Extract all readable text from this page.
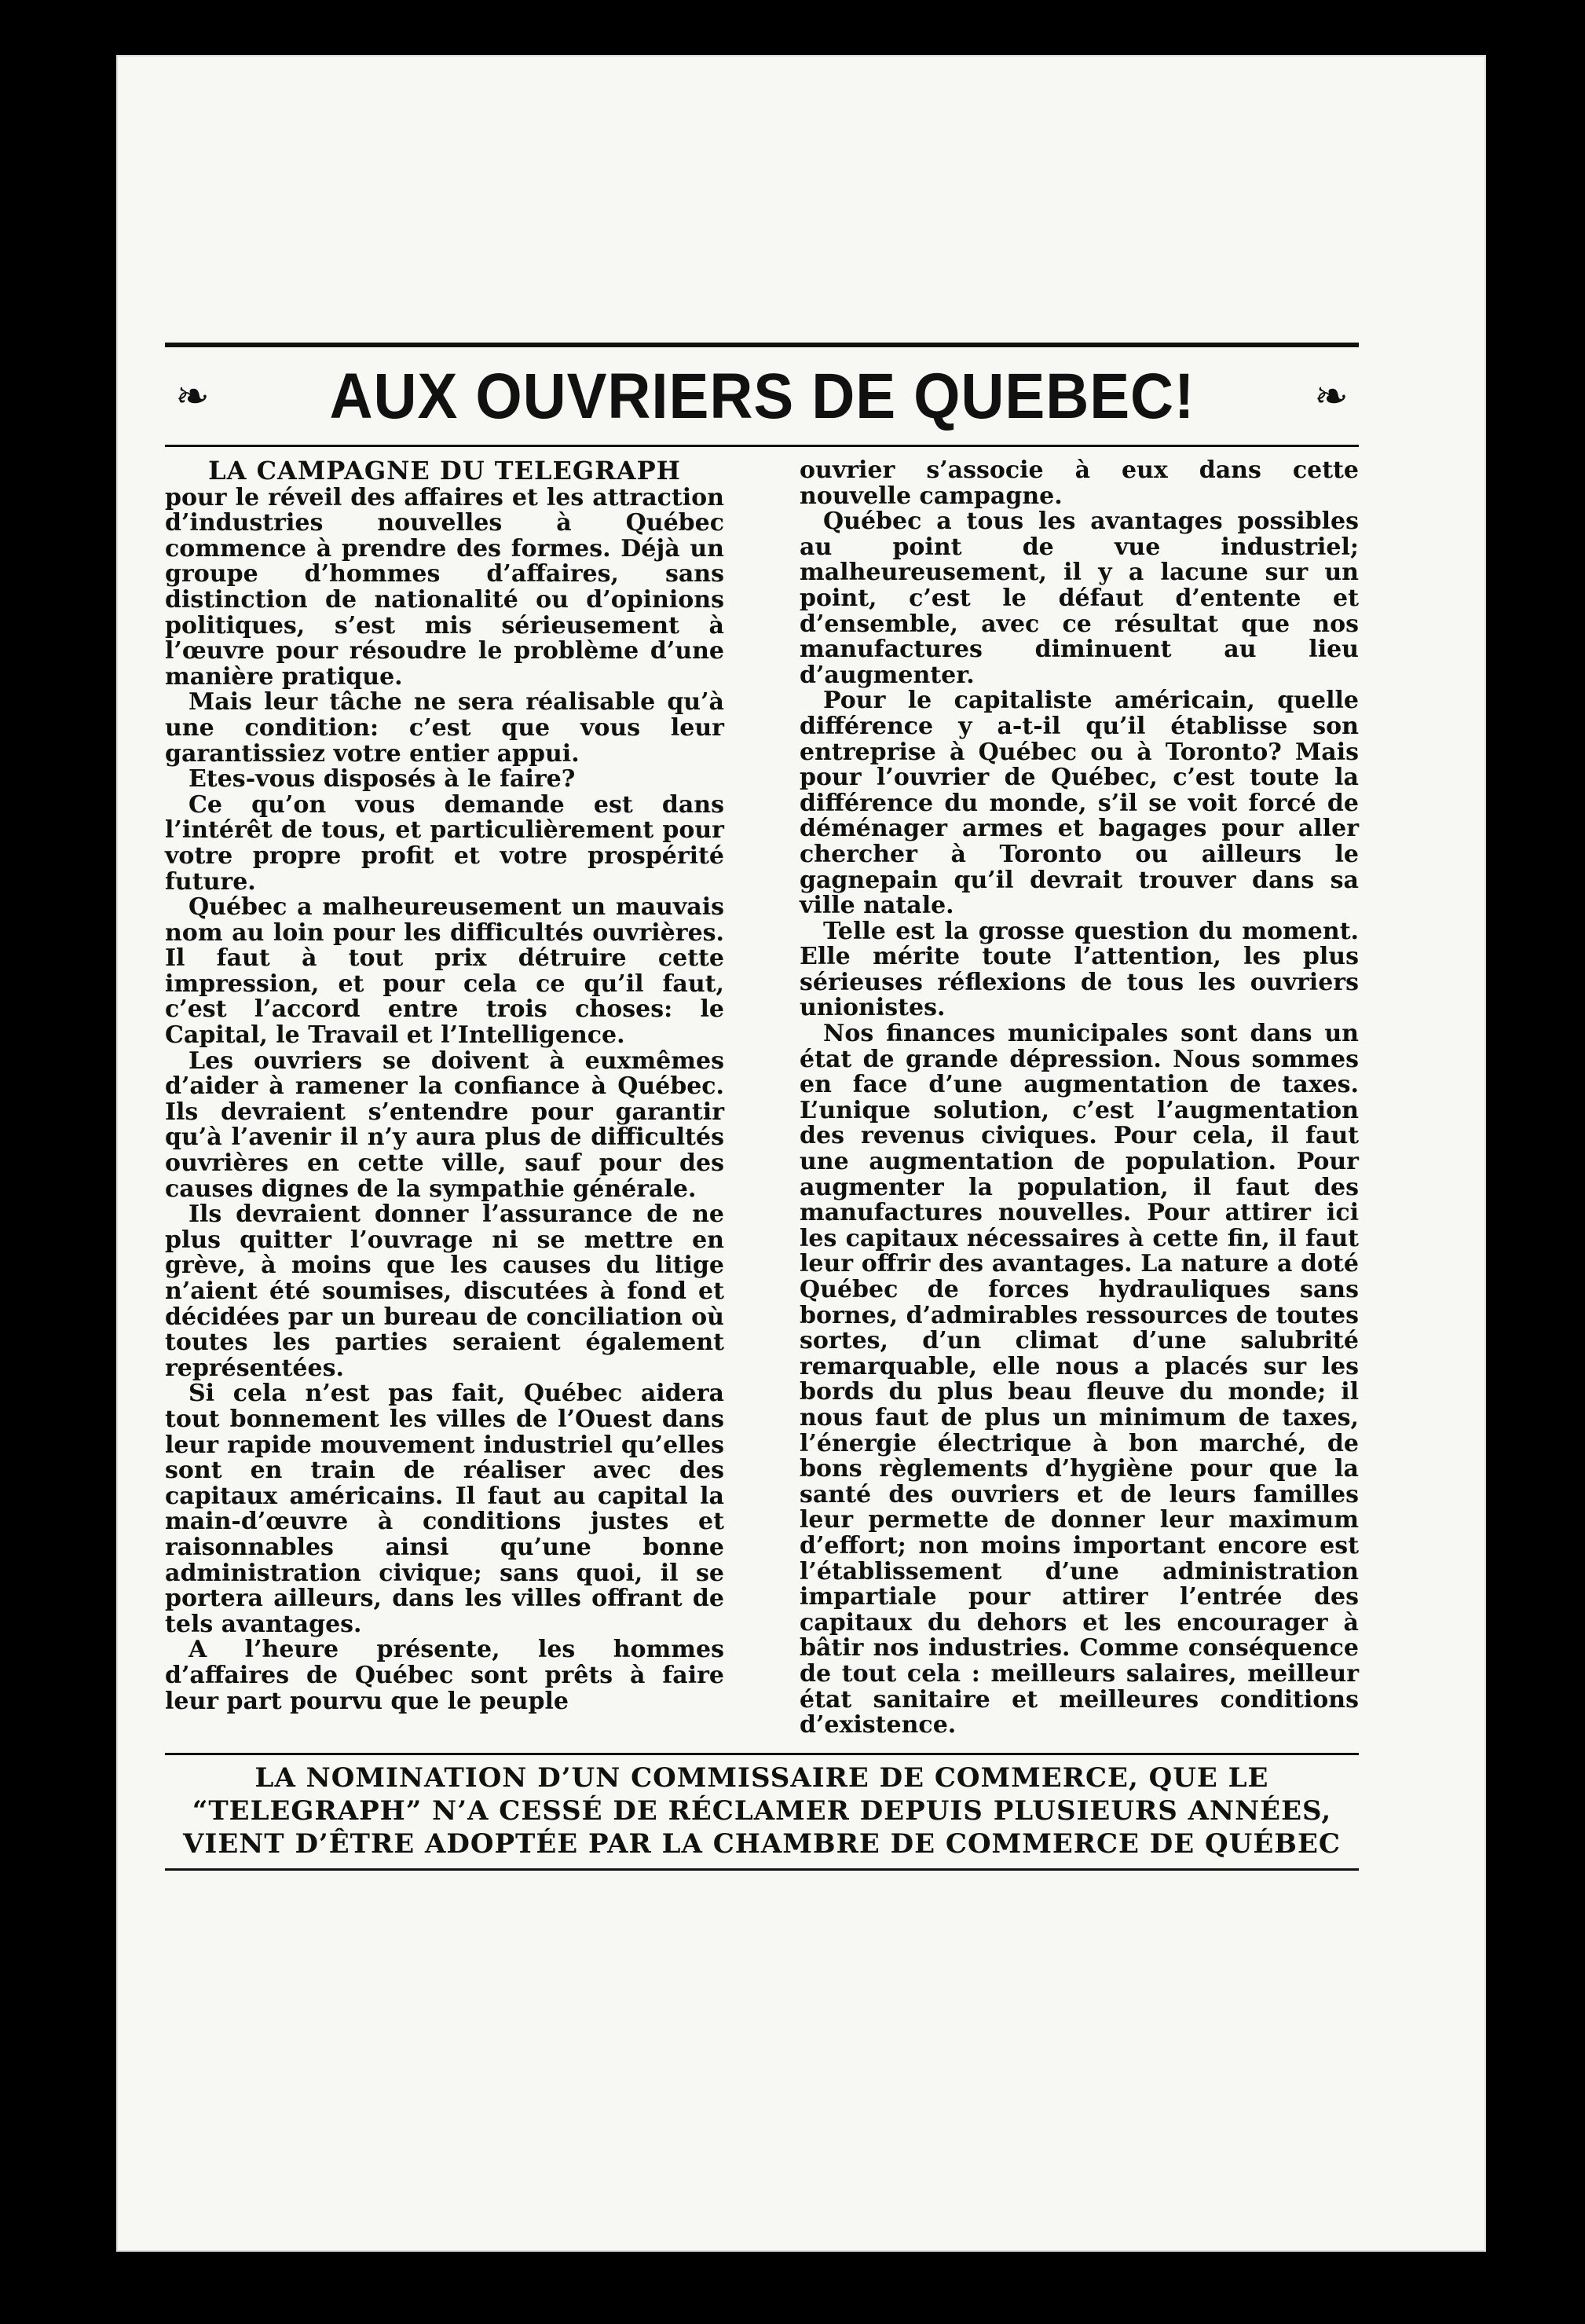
❧ AUX OUVRIERS DE QUEBEC!	❧

LA CAMPAGNE DU TELEGRAPH

pour le réveil des affaires et les attraction d’industries nouvelles à Québec commence à prendre des formes. Déjà un groupe d’hommes d’affaires, sans distinction de nationalité ou d’opinions politiques, s’est mis sérieusement à l’œuvre pour résoudre le problème d’une manière pratique.

Mais leur tâche ne sera réalisable qu’à une condition: c’est que vous leur garantissiez votre entier appui.

Etes-vous disposés à le faire?

Ce qu’on vous demande est dans l’intérêt de tous, et particulièrement pour votre propre profit et votre prospérité future.

Québec a malheureusement un mauvais nom au loin pour les difficultés ouvrières. Il faut à tout prix détruire cette impression, et pour cela ce qu’il faut, c’est l’accord entre trois choses: le Capital, le Travail et l’Intelligence.

Les ouvriers se doivent à euxmêmes d’aider à ramener la confiance à Québec. Ils devraient s’entendre pour garantir qu’à l’avenir il n’y aura plus de difficultés ouvrières en cette ville, sauf pour des causes dignes de la sympathie générale.

Ils devraient donner l’assurance de ne plus quitter l’ouvrage ni se mettre en grève, à moins que les causes du litige n’aient été soumises, discutées à fond et décidées par un bureau de conciliation où toutes les parties seraient également représentées.

Si cela n’est pas fait, Québec aidera tout bonnement les villes de l’Ouest dans leur rapide mouvement industriel qu’elles sont en train de réaliser avec des capitaux américains. Il faut au capital la main-d’œuvre à conditions justes et raisonnables ainsi qu’une bonne administration civique; sans quoi, il se portera ailleurs, dans les villes offrant de tels avantages.

A l’heure présente, les hommes d’affaires de Québec sont prêts à faire leur part pourvu que le peuple

ouvrier s’associe à eux dans cette nouvelle campagne.

Québec a tous les avantages possibles au point de vue industriel; malheureusement, il y a lacune sur un point, c’est le défaut d’entente et d’ensemble, avec ce résultat que nos manufactures diminuent au lieu d’augmenter.

Pour le capitaliste américain, quelle différence y a-t-il qu’il établisse son entreprise à Québec ou à Toronto? Mais pour l’ouvrier de Québec, c’est toute la différence du monde, s’il se voit forcé de déménager armes et bagages pour aller chercher à Toronto ou ailleurs le gagnepain qu’il devrait trouver dans sa ville natale.

Telle est la grosse question du moment. Elle mérite toute l’attention, les plus sérieuses réflexions de tous les ouvriers unionistes.

Nos finances municipales sont dans un état de grande dépression. Nous sommes en face d’une augmentation de taxes. L’unique solution, c’est l’augmentation des revenus civiques. Pour cela, il faut une augmentation de population. Pour augmenter la population, il faut des manufactures nouvelles. Pour attirer ici les capitaux nécessaires à cette fin, il faut leur offrir des avantages. La nature a doté Québec de forces hydrauliques sans bornes, d’admirables ressources de toutes sortes, d’un climat d’une salubrité remarquable, elle nous a placés sur les bords du plus beau fleuve du monde; il nous faut de plus un minimum de taxes, l’énergie électrique à bon marché, de bons règlements d’hygiène pour que la santé des ouvriers et de leurs familles leur permette de donner leur maximum d’effort; non moins important encore est l’établissement d’une administration impartiale pour attirer l’entrée des capitaux du dehors et les encourager à bâtir nos industries. Comme conséquence de tout cela : meilleurs salaires, meilleur état sanitaire et meilleures conditions d’existence.

LA NOMINATION D’UN COMMISSAIRE DE COMMERCE, QUE LE
“TELEGRAPH” N’A CESSÉ DE RÉCLAMER DEPUIS PLUSIEURS ANNÉES,
VIENT D’ÊTRE ADOPTÉE PAR LA CHAMBRE DE COMMERCE DE QUÉBEC
